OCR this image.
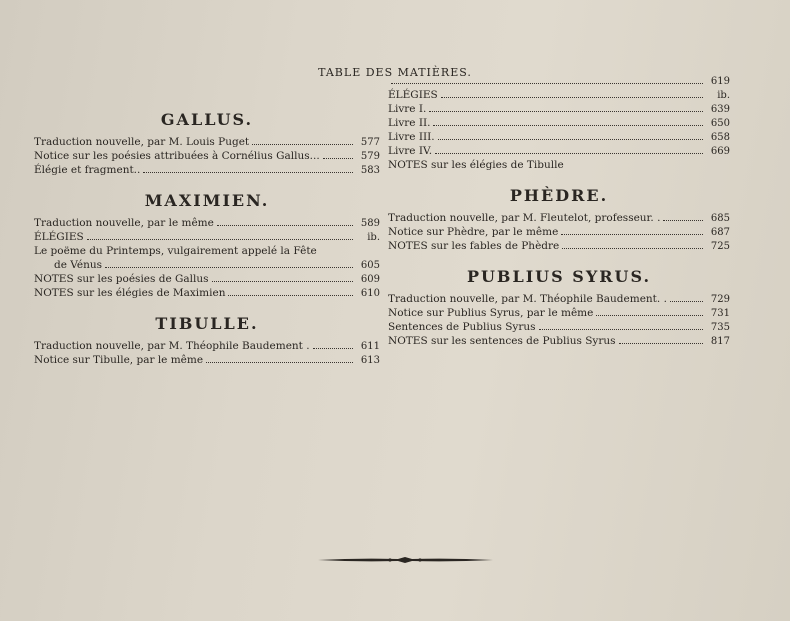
TABLE DES MATIÈRES.
GALLUS.
Traduction nouvelle, par M. Louis Puget	577
Notice sur les poésies attribuées à Cornélius Gallus...	579
Élégie et fragment..	583
MAXIMIEN.
Traduction nouvelle, par le même	589
ÉLÉGIES	ib.
Le poëme du Printemps, vulgairement appelé la Fête
de Vénus	605
NOTES sur les poésies de Gallus	609
NOTES sur les élégies de Maximien	610
TIBULLE.
Traduction nouvelle, par M. Théophile Baudement .	611
Notice sur Tibulle, par le même	613
619
ÉLÉGIES	ib.
Livre I.	639
Livre II.	650
Livre III.	658
Livre IV.	669
NOTES sur les élégies de Tibulle
PHÈDRE.
Traduction nouvelle, par M. Fleutelot, professeur. .	685
Notice sur Phèdre, par le même	687
NOTES sur les fables de Phèdre	725
PUBLIUS SYRUS.
Traduction nouvelle, par M. Théophile Baudement. .	729
Notice sur Publius Syrus, par le même	731
Sentences de Publius Syrus	735
NOTES sur les sentences de Publius Syrus	817
